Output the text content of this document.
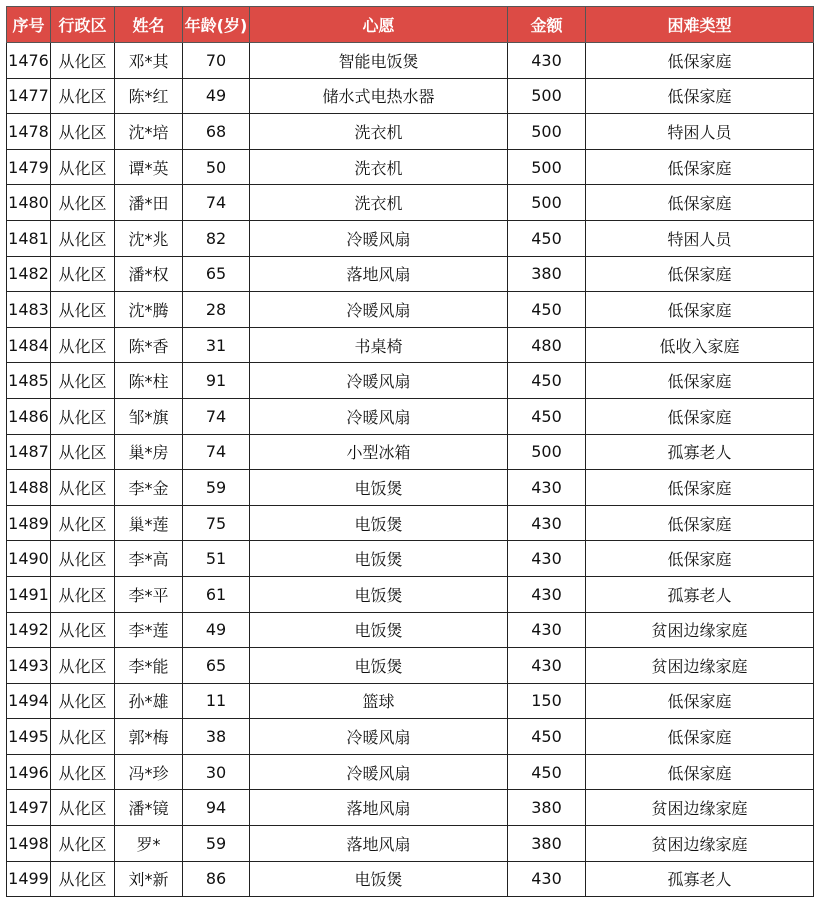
序号	行政区	姓名	年龄(岁)	心愿	金额	困难类型
1476	从化区	邓*其	70	智能电饭煲	430	低保家庭
1477	从化区	陈*红	49	储水式电热水器	500	低保家庭
1478	从化区	沈*培	68	洗衣机	500	特困人员
1479	从化区	谭*英	50	洗衣机	500	低保家庭
1480	从化区	潘*田	74	洗衣机	500	低保家庭
1481	从化区	沈*兆	82	冷暖风扇	450	特困人员
1482	从化区	潘*权	65	落地风扇	380	低保家庭
1483	从化区	沈*腾	28	冷暖风扇	450	低保家庭
1484	从化区	陈*香	31	书桌椅	480	低收入家庭
1485	从化区	陈*柱	91	冷暖风扇	450	低保家庭
1486	从化区	邹*旗	74	冷暖风扇	450	低保家庭
1487	从化区	巢*房	74	小型冰箱	500	孤寡老人
1488	从化区	李*金	59	电饭煲	430	低保家庭
1489	从化区	巢*莲	75	电饭煲	430	低保家庭
1490	从化区	李*高	51	电饭煲	430	低保家庭
1491	从化区	李*平	61	电饭煲	430	孤寡老人
1492	从化区	李*莲	49	电饭煲	430	贫困边缘家庭
1493	从化区	李*能	65	电饭煲	430	贫困边缘家庭
1494	从化区	孙*雄	11	篮球	150	低保家庭
1495	从化区	郭*梅	38	冷暖风扇	450	低保家庭
1496	从化区	冯*珍	30	冷暖风扇	450	低保家庭
1497	从化区	潘*镜	94	落地风扇	380	贫困边缘家庭
1498	从化区	罗*	59	落地风扇	380	贫困边缘家庭
1499	从化区	刘*新	86	电饭煲	430	孤寡老人
